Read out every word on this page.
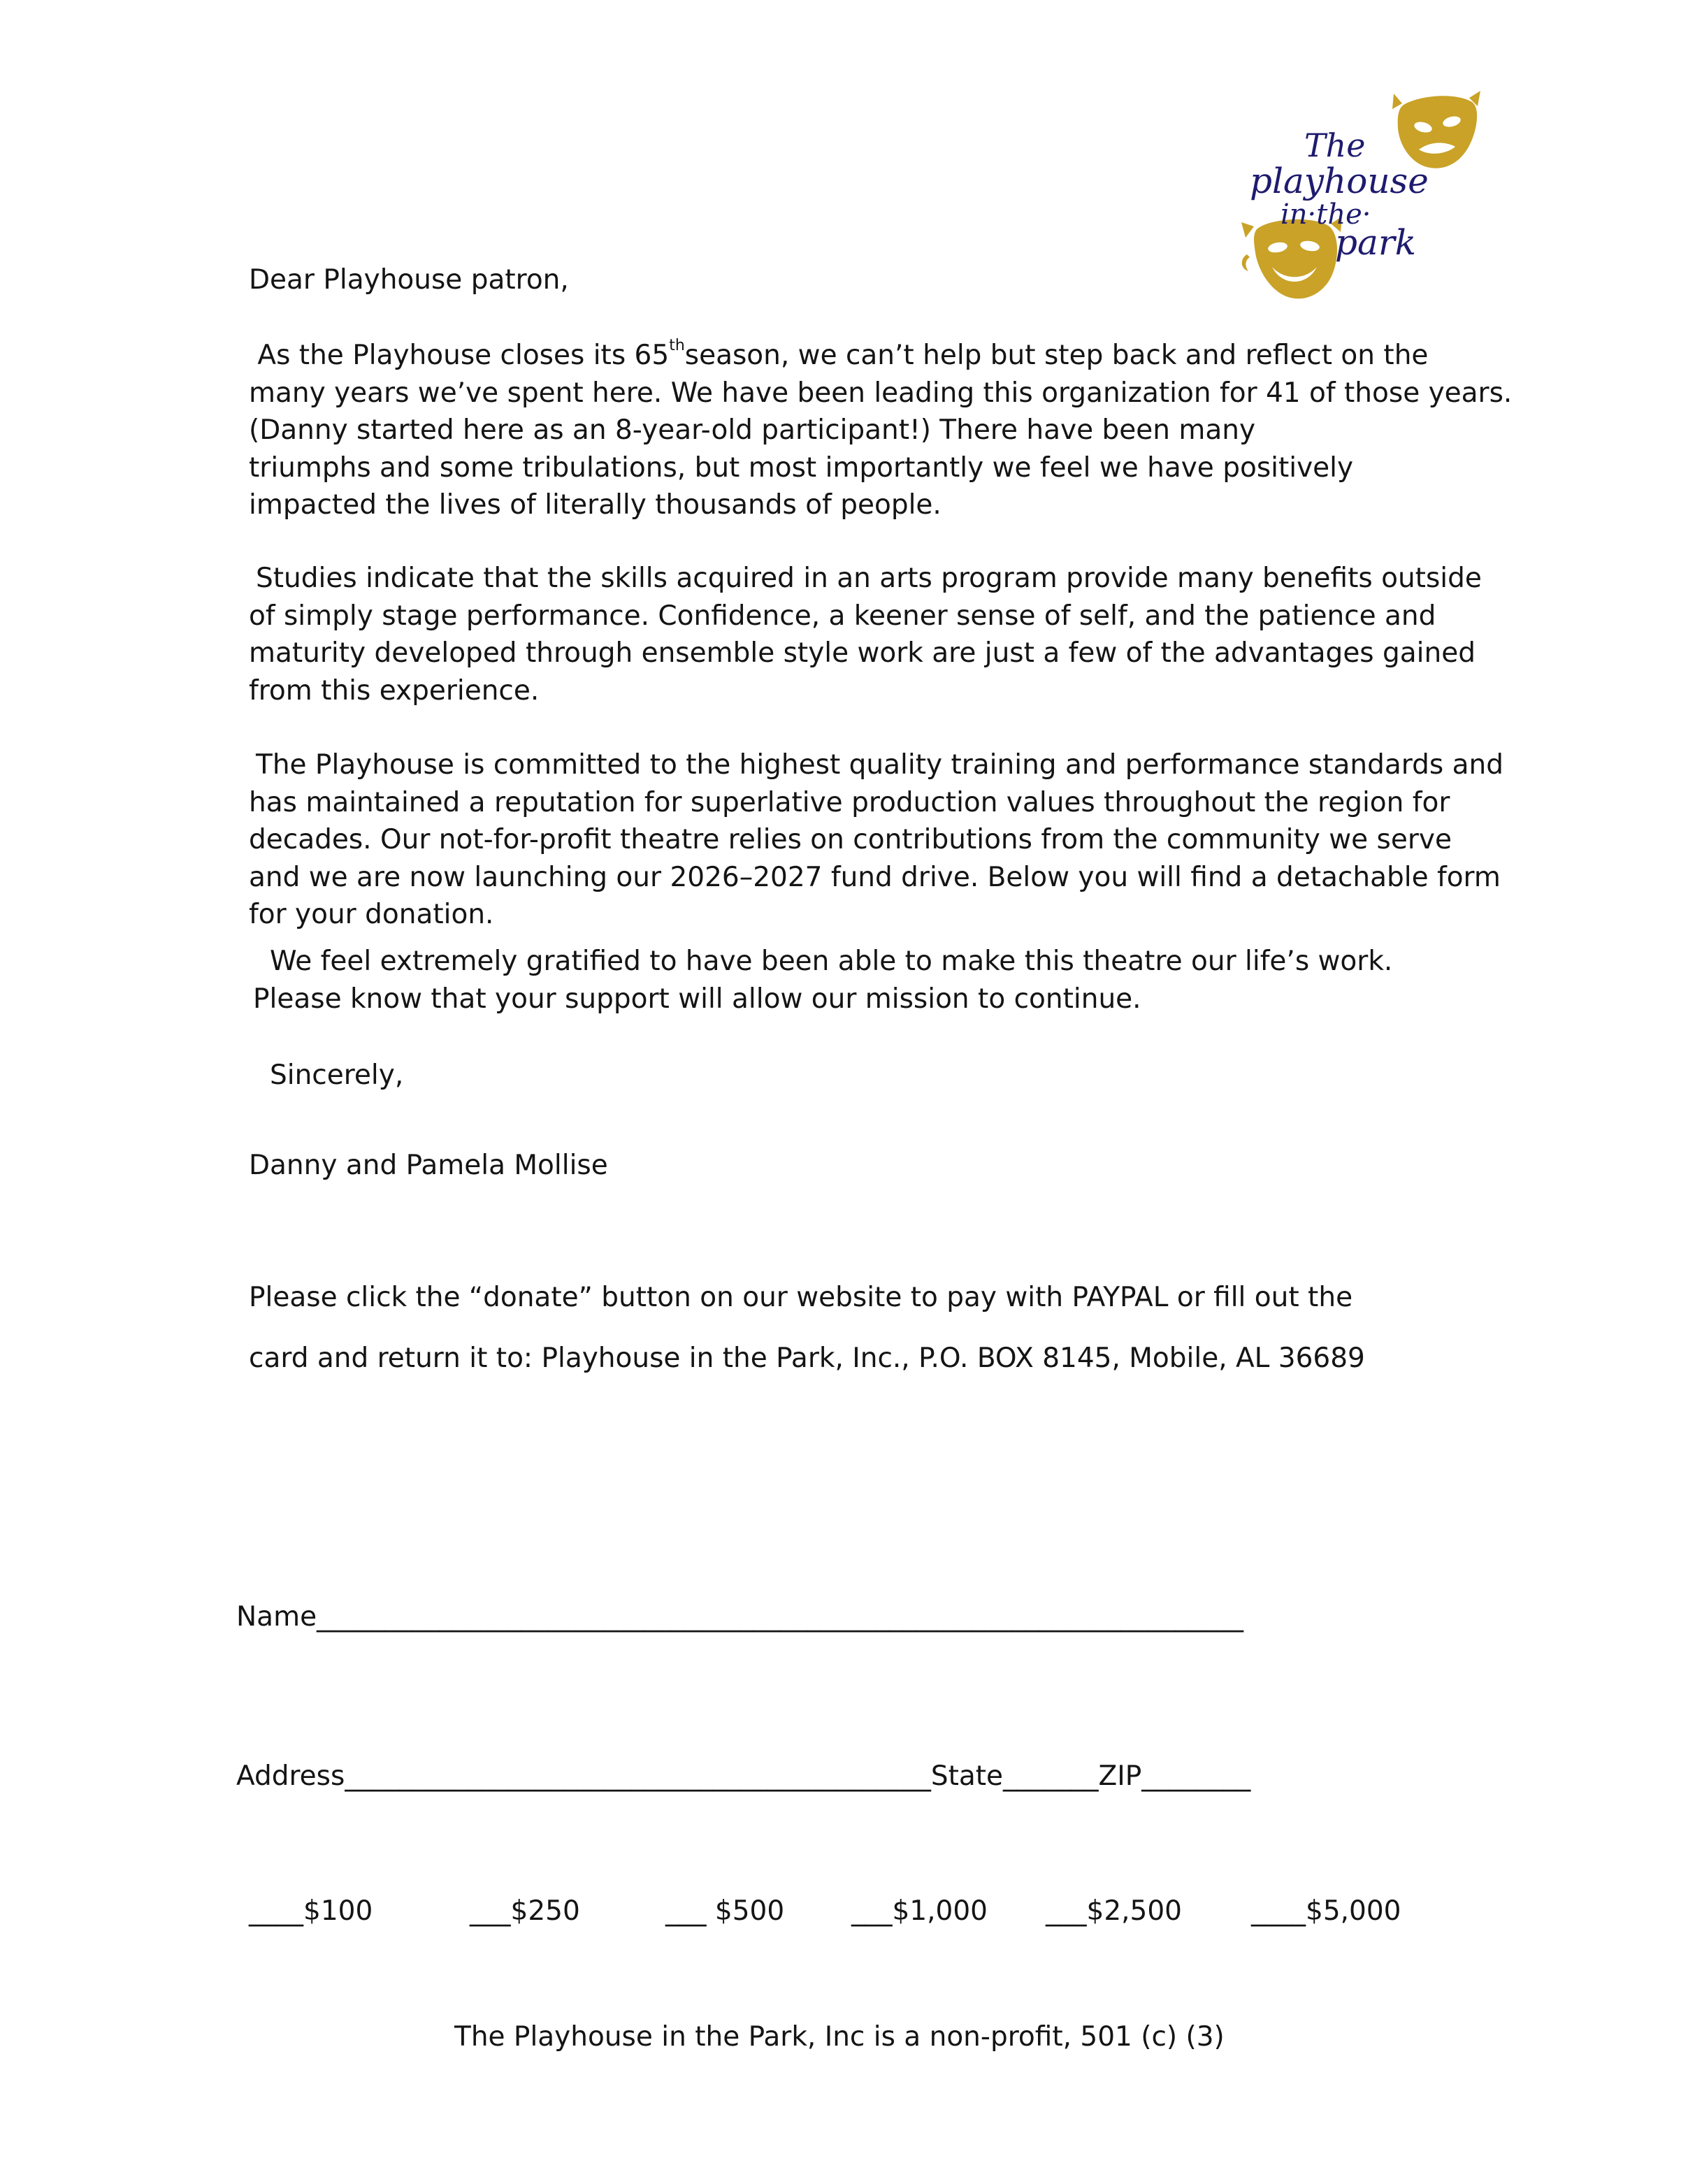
The
playhouse
in·the·
park

Dear Playhouse patron,

As the Playhouse closes its 65thseason, we can’t help but step back and reflect on the
many years we’ve spent here. We have been leading this organization for 41 of those years.
(Danny started here as an 8-year-old participant!) There have been many
triumphs and some tribulations, but most importantly we feel we have positively
impacted the lives of literally thousands of people.
Studies indicate that the skills acquired in an arts program provide many benefits outside
of simply stage performance. Confidence, a keener sense of self, and the patience and
maturity developed through ensemble style work are just a few of the advantages gained
from this experience.
The Playhouse is committed to the highest quality training and performance standards and
has maintained a reputation for superlative production values throughout the region for
decades. Our not-for-profit theatre relies on contributions from the community we serve
and we are now launching our 2026–2027 fund drive. Below you will find a detachable form
for your donation.
We feel extremely gratified to have been able to make this theatre our life’s work.
Please know that your support will allow our mission to continue.

Sincerely,

Danny and Pamela Mollise

Please click the “donate” button on our website to pay with PAYPAL or fill out the

card and return it to: Playhouse in the Park, Inc., P.O. BOX 8145, Mobile, AL 36689

Name____________________________________________________________________

Address___________________________________________State_______ZIP________

____$100	___$250	___ $500 ___$1,000 ___$2,500	____$5,000

The Playhouse in the Park, Inc is a non-profit, 501 (c) (3)
